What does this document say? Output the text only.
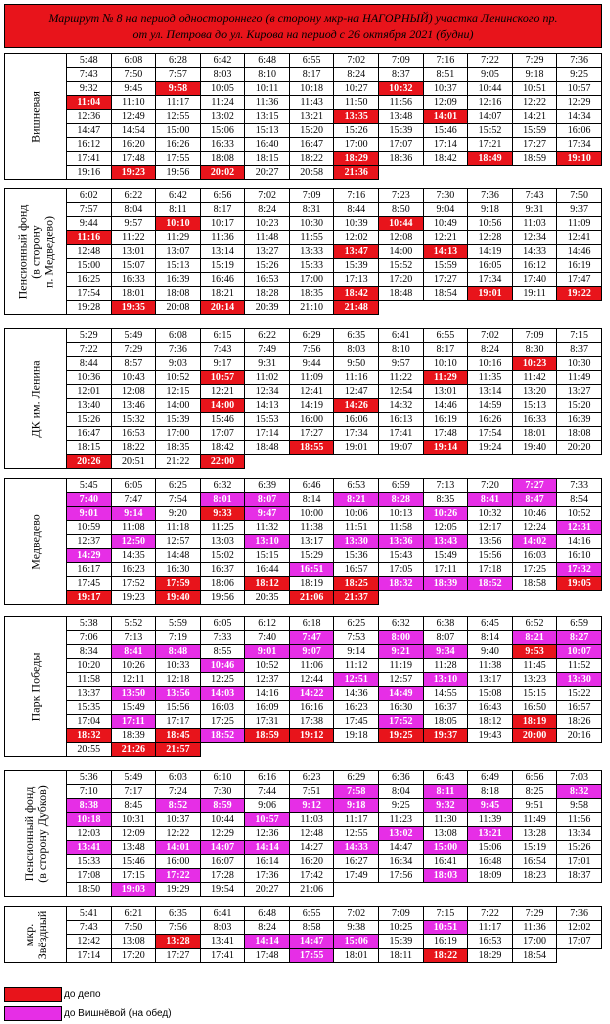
Маршрут № 8 на период одностороннего (в сторону мкр-на НАГОРНЫЙ) участка Ленинского пр.
от ул. Петрова до ул. Кирова на период с 26 октября 2021 (будни)
Вишневая	5:48	6:08	6:28	6:42	6:48	6:55	7:02	7:09	7:16	7:22	7:29	7:36
	7:43	7:50	7:57	8:03	8:10	8:17	8:24	8:37	8:51	9:05	9:18	9:25
	9:32	9:45	9:58	10:05	10:11	10:18	10:27	10:32	10:37	10:44	10:51	10:57
	11:04	11:10	11:17	11:24	11:36	11:43	11:50	11:56	12:09	12:16	12:22	12:29
	12:36	12:49	12:55	13:02	13:15	13:21	13:35	13:48	14:01	14:07	14:21	14:34
	14:47	14:54	15:00	15:06	15:13	15:20	15:26	15:39	15:46	15:52	15:59	16:06
	16:12	16:20	16:26	16:33	16:40	16:47	17:00	17:07	17:14	17:21	17:27	17:34
	17:41	17:48	17:55	18:08	18:15	18:22	18:29	18:36	18:42	18:49	18:59	19:10
	19:16	19:23	19:56	20:02	20:27	20:58	21:36					
Пенсионный фонд (в сторону п. Медведево)	6:02	6:22	6:42	6:56	7:02	7:09	7:16	7:23	7:30	7:36	7:43	7:50
	7:57	8:04	8:11	8:17	8:24	8:31	8:44	8:50	9:04	9:18	9:31	9:37
	9:44	9:57	10:10	10:17	10:23	10:30	10:39	10:44	10:49	10:56	11:03	11:09
	11:16	11:22	11:29	11:36	11:48	11:55	12:02	12:08	12:21	12:28	12:34	12:41
	12:48	13:01	13:07	13:14	13:27	13:33	13:47	14:00	14:13	14:19	14:33	14:46
	15:00	15:07	15:13	15:19	15:26	15:33	15:39	15:52	15:59	16:05	16:12	16:19
	16:25	16:33	16:39	16:46	16:53	17:00	17:13	17:20	17:27	17:34	17:40	17:47
	17:54	18:01	18:08	18:21	18:28	18:35	18:42	18:48	18:54	19:01	19:11	19:22
	19:28	19:35	20:08	20:14	20:39	21:10	21:48					
ДК им. Ленина	5:29	5:49	6:08	6:15	6:22	6:29	6:35	6:41	6:55	7:02	7:09	7:15
	7:22	7:29	7:36	7:43	7:49	7:56	8:03	8:10	8:17	8:24	8:30	8:37
	8:44	8:57	9:03	9:17	9:31	9:44	9:50	9:57	10:10	10:16	10:23	10:30
	10:36	10:43	10:52	10:57	11:02	11:09	11:16	11:22	11:29	11:35	11:42	11:49
	12:01	12:08	12:15	12:21	12:34	12:41	12:47	12:54	13:01	13:14	13:20	13:27
	13:40	13:46	14:00	14:00	14:13	14:19	14:26	14:32	14:46	14:59	15:13	15:20
	15:26	15:32	15:39	15:46	15:53	16:00	16:06	16:13	16:19	16:26	16:33	16:39
	16:47	16:53	17:00	17:07	17:14	17:27	17:34	17:41	17:48	17:54	18:01	18:08
	18:15	18:22	18:35	18:42	18:48	18:55	19:01	19:07	19:14	19:24	19:40	20:20
	20:26	20:51	21:22	22:00								
Медведево	5:45	6:05	6:25	6:32	6:39	6:46	6:53	6:59	7:13	7:20	7:27	7:33
	7:40	7:47	7:54	8:01	8:07	8:14	8:21	8:28	8:35	8:41	8:47	8:54
	9:01	9:14	9:20	9:33	9:47	10:00	10:06	10:13	10:26	10:32	10:46	10:52
	10:59	11:08	11:18	11:25	11:32	11:38	11:51	11:58	12:05	12:17	12:24	12:31
	12:37	12:50	12:57	13:03	13:10	13:17	13:30	13:36	13:43	13:56	14:02	14:16
	14:29	14:35	14:48	15:02	15:15	15:29	15:36	15:43	15:49	15:56	16:03	16:10
	16:17	16:23	16:30	16:37	16:44	16:51	16:57	17:05	17:11	17:18	17:25	17:32
	17:45	17:52	17:59	18:06	18:12	18:19	18:25	18:32	18:39	18:52	18:58	19:05
	19:17	19:23	19:40	19:56	20:35	21:06	21:37					
Парк Победы	5:38	5:52	5:59	6:05	6:12	6:18	6:25	6:32	6:38	6:45	6:52	6:59
	7:06	7:13	7:19	7:33	7:40	7:47	7:53	8:00	8:07	8:14	8:21	8:27
	8:34	8:41	8:48	8:55	9:01	9:07	9:14	9:21	9:34	9:40	9:53	10:07
	10:20	10:26	10:33	10:46	10:52	11:06	11:12	11:19	11:28	11:38	11:45	11:52
	11:58	12:11	12:18	12:25	12:37	12:44	12:51	12:57	13:10	13:17	13:23	13:30
	13:37	13:50	13:56	14:03	14:16	14:22	14:36	14:49	14:55	15:08	15:15	15:22
	15:35	15:49	15:56	16:03	16:09	16:16	16:23	16:30	16:37	16:43	16:50	16:57
	17:04	17:11	17:17	17:25	17:31	17:38	17:45	17:52	18:05	18:12	18:19	18:26
	18:32	18:39	18:45	18:52	18:59	19:12	19:18	19:25	19:37	19:43	20:00	20:16
	20:55	21:26	21:57									
Пенсионный фонд (в сторону Дубков)	5:36	5:49	6:03	6:10	6:16	6:23	6:29	6:36	6:43	6:49	6:56	7:03
	7:10	7:17	7:24	7:30	7:44	7:51	7:58	8:04	8:11	8:18	8:25	8:32
	8:38	8:45	8:52	8:59	9:06	9:12	9:18	9:25	9:32	9:45	9:51	9:58
	10:18	10:31	10:37	10:44	10:57	11:03	11:17	11:23	11:30	11:39	11:49	11:56
	12:03	12:09	12:22	12:29	12:36	12:48	12:55	13:02	13:08	13:21	13:28	13:34
	13:41	13:48	14:01	14:07	14:14	14:27	14:33	14:47	15:00	15:06	15:19	15:26
	15:33	15:46	16:00	16:07	16:14	16:20	16:27	16:34	16:41	16:48	16:54	17:01
	17:08	17:15	17:22	17:28	17:36	17:42	17:49	17:56	18:03	18:09	18:23	18:37
	18:50	19:03	19:29	19:54	20:27	21:06						
мкр. Звёздный	5:41	6:21	6:35	6:41	6:48	6:55	7:02	7:09	7:15	7:22	7:29	7:36
	7:43	7:50	7:56	8:03	8:24	8:58	9:38	10:25	10:51	11:17	11:36	12:02
	12:42	13:08	13:28	13:41	14:14	14:47	15:06	15:39	16:19	16:53	17:00	17:07
	17:14	17:20	17:27	17:41	17:48	17:55	18:01	18:11	18:22	18:29	18:54	
до депо
до Вишнёвой (на обед)
